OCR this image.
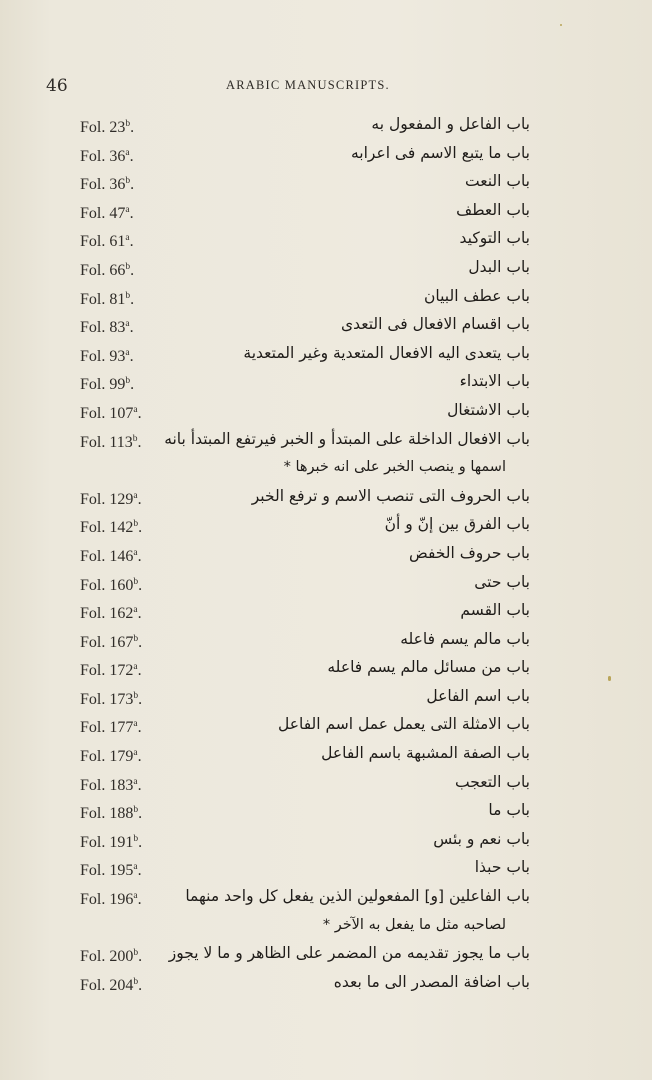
46	ARABIC MANUSCRIPTS.
Fol. 23$^b$.	باب الفاعل و المفعول به
Fol. 36$^a$.	باب ما يتبع الاسم فى اعرابه
Fol. 36$^b$.	باب النعت
Fol. 47$^a$.	باب العطف
Fol. 61$^a$.	باب التوكيد
Fol. 66$^b$.	باب البدل
Fol. 81$^b$.	باب عطف البيان
Fol. 83$^a$.	باب اقسام الافعال فى التعدى
Fol. 93$^a$.	باب يتعدى اليه الافعال المتعدية وغير المتعدية
Fol. 99$^b$.	باب الابتداء
Fol. 107$^a$.	باب الاشتغال
Fol. 113$^b$. باب الافعال الداخلة على المبتدأ و الخبر فيرتفع المبتدأ بانه
اسمها و ينصب الخبر على انه خبرها *
Fol. 129$^a$.	باب الحروف التى تنصب الاسم و ترفع الخبر
Fol. 142$^b$.	باب الفرق بين إنّ و أنّ
Fol. 146$^a$.	باب حروف الخفض
Fol. 160$^b$.	باب حتى
Fol. 162$^a$.	باب القسم
Fol. 167$^b$.	باب مالم يسم فاعله
Fol. 172$^a$.	باب من مسائل مالم يسم فاعله
Fol. 173$^b$.	باب اسم الفاعل
Fol. 177$^a$.	باب الامثلة التى يعمل عمل اسم الفاعل
Fol. 179$^a$.	باب الصفة المشبهة باسم الفاعل
Fol. 183$^a$.	باب التعجب
Fol. 188$^b$.	باب ما
Fol. 191$^b$.	باب نعم و بئس
Fol. 195$^a$.	باب حبذا
Fol. 196$^a$.	باب الفاعلين [و] المفعولين الذين يفعل كل واحد منهما
لصاحبه مثل ما يفعل به الآخر *
Fol. 200$^b$. باب ما يجوز تقديمه من المضمر على الظاهر و ما لا يجوز
Fol. 204$^b$.	باب اضافة المصدر الى ما بعده
